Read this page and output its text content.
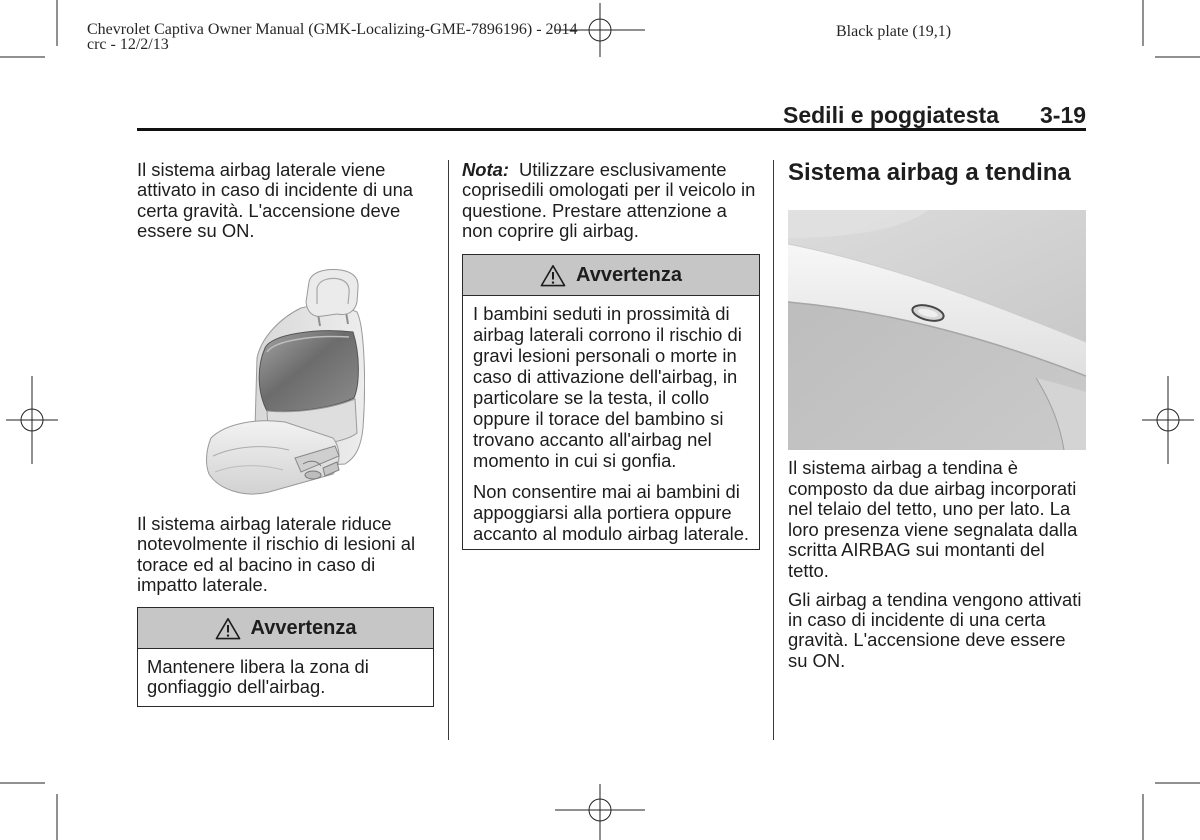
Chevrolet Captiva Owner Manual (GMK-Localizing-GME-7896196) - 2014
crc - 12/2/13
Black plate (19,1)
Sedili e poggiatesta 3-19

Il sistema airbag laterale viene
attivato in caso di incidente di una
certa gravità. L'accensione deve
essere su ON.

Il sistema airbag laterale riduce
notevolmente il rischio di lesioni al
torace ed al bacino in caso di
impatto laterale.

Avvertenza

Mantenere libera la zona di
gonfiaggio dell'airbag.

Nota: Utilizzare esclusivamente
coprisedili omologati per il veicolo in
questione. Prestare attenzione a
non coprire gli airbag.

Avvertenza

I bambini seduti in prossimità di
airbag laterali corrono il rischio di
gravi lesioni personali o morte in
caso di attivazione dell'airbag, in
particolare se la testa, il collo
oppure il torace del bambino si
trovano accanto all'airbag nel
momento in cui si gonfia.

Non consentire mai ai bambini di
appoggiarsi alla portiera oppure
accanto al modulo airbag laterale.

Sistema airbag a tendina

Il sistema airbag a tendina è
composto da due airbag incorporati
nel telaio del tetto, uno per lato. La
loro presenza viene segnalata dalla
scritta AIRBAG sui montanti del
tetto.

Gli airbag a tendina vengono attivati
in caso di incidente di una certa
gravità. L'accensione deve essere
su ON.
